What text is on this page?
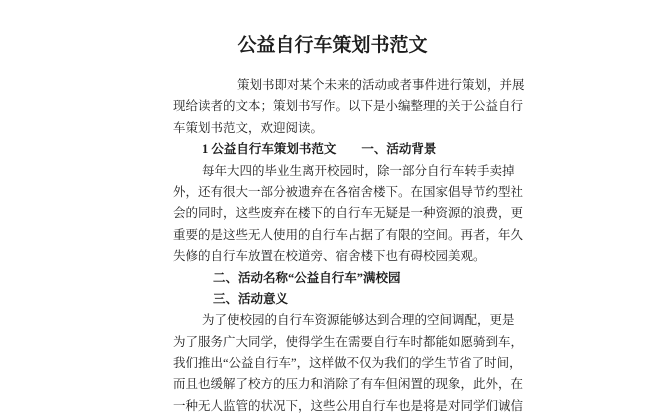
公益自行车策划书范文
策划书即对某个未来的活动或者事件进行策划，并展
现给读者的文本；策划书写作。以下是小编整理的关于公益自行
车策划书范文，欢迎阅读。
1 公益自行车策划书范文　　一、活动背景
每年大四的毕业生离开校园时，除一部分自行车转手卖掉
外，还有很大一部分被遗弃在各宿舍楼下。在国家倡导节约型社
会的同时，这些废弃在楼下的自行车无疑是一种资源的浪费，更
重要的是这些无人使用的自行车占据了有限的空间。再者，年久
失修的自行车放置在校道旁、宿舍楼下也有碍校园美观。
二、活动名称“公益自行车”满校园
三、活动意义
为了使校园的自行车资源能够达到合理的空间调配，更是
为了服务广大同学，使得学生在需要自行车时都能如愿骑到车，
我们推出“公益自行车”，这样做不仅为我们的学生节省了时间，
而且也缓解了校方的压力和消除了有车但闲置的现象，此外，在
一种无人监管的状况下，这些公用自行车也是将是对同学们诚信
